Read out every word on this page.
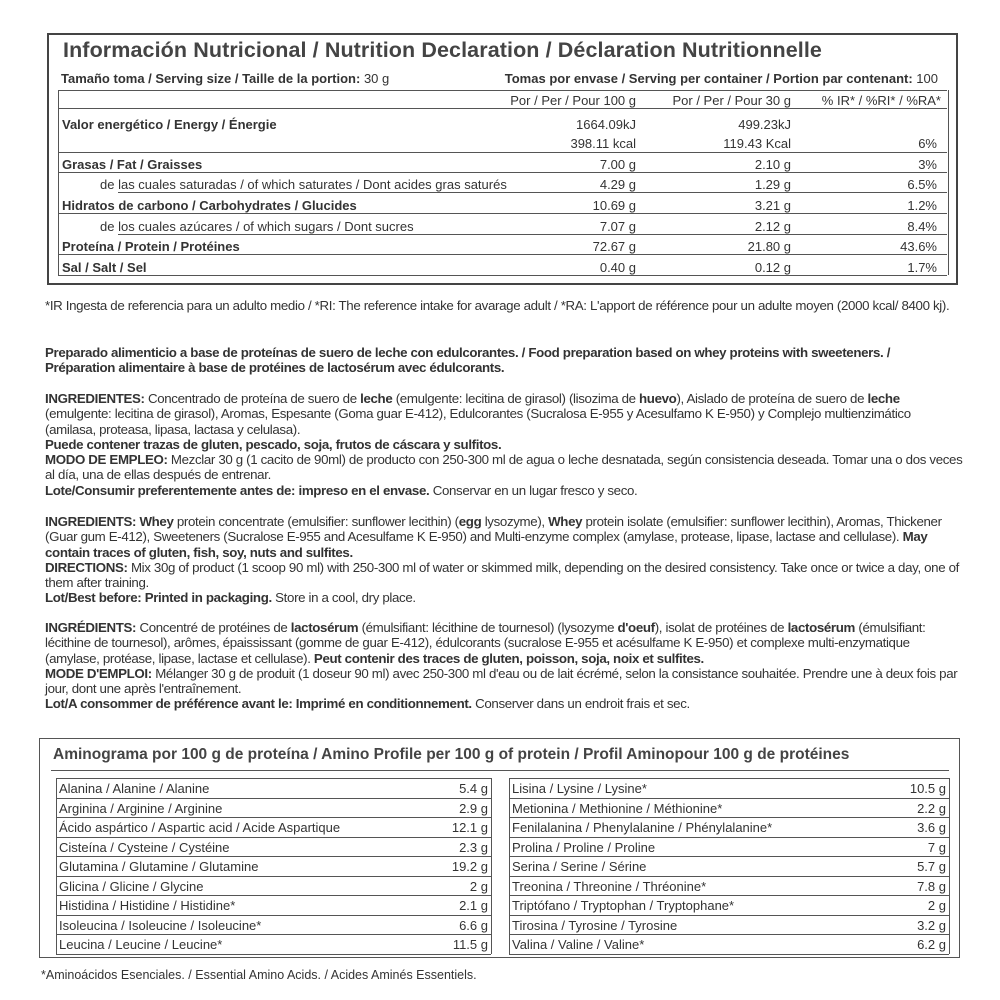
Información Nutricional / Nutrition Declaration / Déclaration Nutritionnelle
Tamaño toma / Serving size / Taille de la portion: 30 g	Tomas por envase / Serving per container / Portion par contenant: 100
Por / Per / Pour 100 g	Por / Per / Pour 30 g	% IR* / %RI* / %RA*
Valor energético / Energy / Énergie	1664.09kJ	499.23kJ
398.11 kcal	119.43 Kcal	6%
Grasas / Fat / Graisses	7.00 g	2.10 g	3%
de las cuales saturadas / of which saturates / Dont acides gras saturés	4.29 g	1.29 g	6.5%
Hidratos de carbono / Carbohydrates / Glucides	10.69 g	3.21 g	1.2%
de los cuales azúcares / of which sugars / Dont sucres	7.07 g	2.12 g	8.4%
Proteína / Protein / Protéines	72.67 g	21.80 g	43.6%
Sal / Salt / Sel	0.40 g	0.12 g	1.7%

*IR Ingesta de referencia para un adulto medio / *RI: The reference intake for avarage adult / *RA: L'apport de référence pour un adulte moyen (2000 kcal/ 8400 kj).

Preparado alimenticio a base de proteínas de suero de leche con edulcorantes. / Food preparation based on whey proteins with sweeteners. / Préparation alimentaire à base de protéines de lactosérum avec édulcorants.

INGREDIENTES: Concentrado de proteína de suero de leche (emulgente: lecitina de girasol) (lisozima de huevo), Aislado de proteína de suero de leche (emulgente: lecitina de girasol), Aromas, Espesante (Goma guar E-412), Edulcorantes (Sucralosa E-955 y Acesulfamo K E-950) y Complejo multienzimático (amilasa, proteasa, lipasa, lactasa y celulasa).

Puede contener trazas de gluten, pescado, soja, frutos de cáscara y sulfitos.

MODO DE EMPLEO: Mezclar 30 g (1 cacito de 90ml) de producto con 250-300 ml de agua o leche desnatada, según consistencia deseada. Tomar una o dos veces al día, una de ellas después de entrenar.

Lote/Consumir preferentemente antes de: impreso en el envase. Conservar en un lugar fresco y seco.

INGREDIENTS: Whey protein concentrate (emulsifier: sunflower lecithin) (egg lysozyme), Whey protein isolate (emulsifier: sunflower lecithin), Aromas, Thickener (Guar gum E-412), Sweeteners (Sucralose E-955 and Acesulfame K E-950) and Multi-enzyme complex (amylase, protease, lipase, lactase and cellulase). May contain traces of gluten, fish, soy, nuts and sulfites.

DIRECTIONS: Mix 30g of product (1 scoop 90 ml) with 250-300 ml of water or skimmed milk, depending on the desired consistency. Take once or twice a day, one of them after training.

Lot/Best before: Printed in packaging. Store in a cool, dry place.

INGRÉDIENTS: Concentré de protéines de lactosérum (émulsifiant: lécithine de tournesol) (lysozyme d'oeuf), isolat de protéines de lactosérum (émulsifiant: lécithine de tournesol), arômes, épaississant (gomme de guar E-412), édulcorants (sucralose E-955 et acésulfame K E-950) et complexe multi-enzymatique (amylase, protéase, lipase, lactase et cellulase). Peut contenir des traces de gluten, poisson, soja, noix et sulfites.

MODE D'EMPLOI: Mélanger 30 g de produit (1 doseur 90 ml) avec 250-300 ml d'eau ou de lait écrémé, selon la consistance souhaitée. Prendre une à deux fois par jour, dont une après l'entraînement.

Lot/A consommer de préférence avant le: Imprimé en conditionnement. Conserver dans un endroit frais et sec.

Aminograma por 100 g de proteína / Amino Profile per 100 g of protein / Profil Aminopour 100 g de protéines
Alanina / Alanine / Alanine	5.4 g
Arginina / Arginine / Arginine	2.9 g
Ácido aspártico / Aspartic acid / Acide Aspartique	12.1 g
Cisteína / Cysteine / Cystéine	2.3 g
Glutamina / Glutamine / Glutamine	19.2 g
Glicina / Glicine / Glycine	2 g
Histidina / Histidine / Histidine*	2.1 g
Isoleucina / Isoleucine / Isoleucine*	6.6 g
Leucina / Leucine / Leucine*	11.5 g
Lisina / Lysine / Lysine*	10.5 g
Metionina / Methionine / Méthionine*	2.2 g
Fenilalanina / Phenylalanine / Phénylalanine*	3.6 g
Prolina / Proline / Proline	7 g
Serina / Serine / Sérine	5.7 g
Treonina / Threonine / Thréonine*	7.8 g
Triptófano / Tryptophan / Tryptophane*	2 g
Tirosina / Tyrosine / Tyrosine	3.2 g
Valina / Valine / Valine*	6.2 g
*Aminoácidos Esenciales. / Essential Amino Acids. / Acides Aminés Essentiels.
